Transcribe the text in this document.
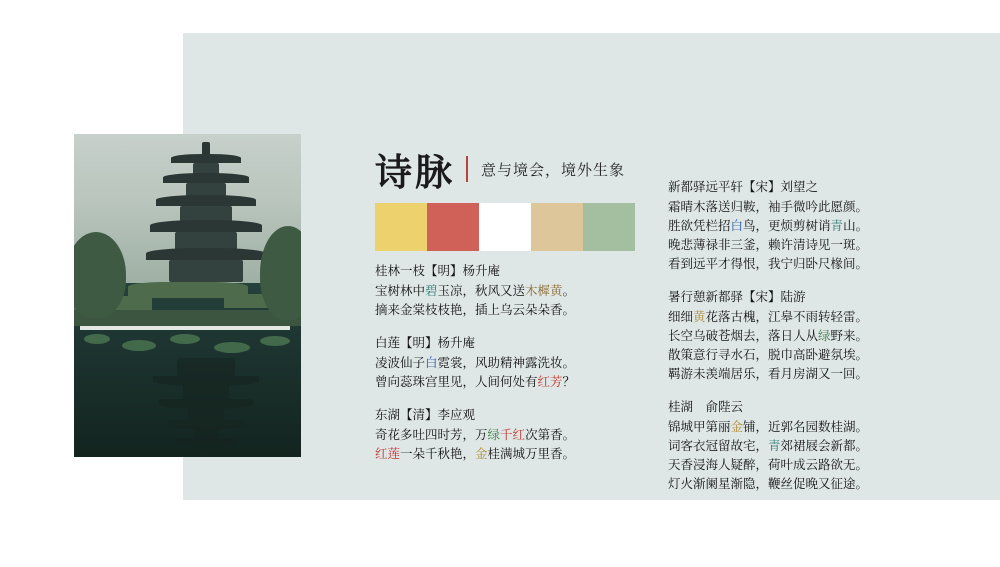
诗脉 意与境会，境外生象
桂林一枝【明】杨升庵
宝树林中碧玉凉，秋风又送木樨黄。
摘来金棠枝枝艳，插上乌云朵朵香。
白莲【明】杨升庵
凌波仙子白霓裳，风助精神露洗妆。
曾向蕊珠宫里见，人间何处有红芳？
东湖【清】李应观
奇花多吐四时芳，万绿千红次第香。
红莲一朵千秋艳，金桂满城万里香。
新都驿远平轩【宋】刘望之
霜晴木落送归鞍，袖手微吟此愿颜。
胜欲凭栏招白鸟，更烦剪树诮青山。
晚悲薄禄非三釜，赖许清诗见一斑。
看到远平才得恨，我宁归卧尺椽间。
暑行憩新都驿【宋】陆游
细细黄花落古槐，江皋不雨转轻雷。
长空乌破苍烟去，落日人从绿野来。
散策意行寻水石，脱巾高卧避氛埃。
羁游未羡端居乐，看月房湖又一回。
桂湖　俞陛云
锦城甲第丽金铺，近郭名园数桂湖。
词客衣冠留故宅，青郊裙屐会新都。
天香浸海人疑醉，荷叶成云路欲无。
灯火渐阑星渐隐，鞭丝促晚又征途。
